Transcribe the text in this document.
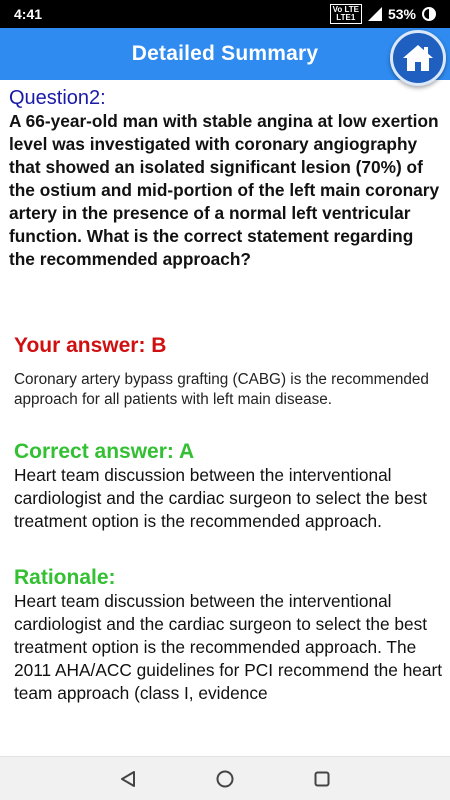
4:41	Vo LTE
LTE1	53%
Detailed Summary
Question2:
A 66-year-old man with stable angina at low exertion level was investigated with coronary angiography that showed an isolated significant lesion (70%) of the ostium and mid-portion of the left main coronary artery in the presence of a normal left ventricular function. What is the correct statement regarding the recommended approach?
Your answer: B
Coronary artery bypass grafting (CABG) is the recommended approach for all patients with left main disease.
Correct answer: A
Heart team discussion between the interventional cardiologist and the cardiac surgeon to select the best treatment option is the recommended approach.
Rationale:
Heart team discussion between the interventional cardiologist and the cardiac surgeon to select the best treatment option is the recommended approach. The 2011 AHA/ACC guidelines for PCI recommend the heart team approach (class I, evidence
